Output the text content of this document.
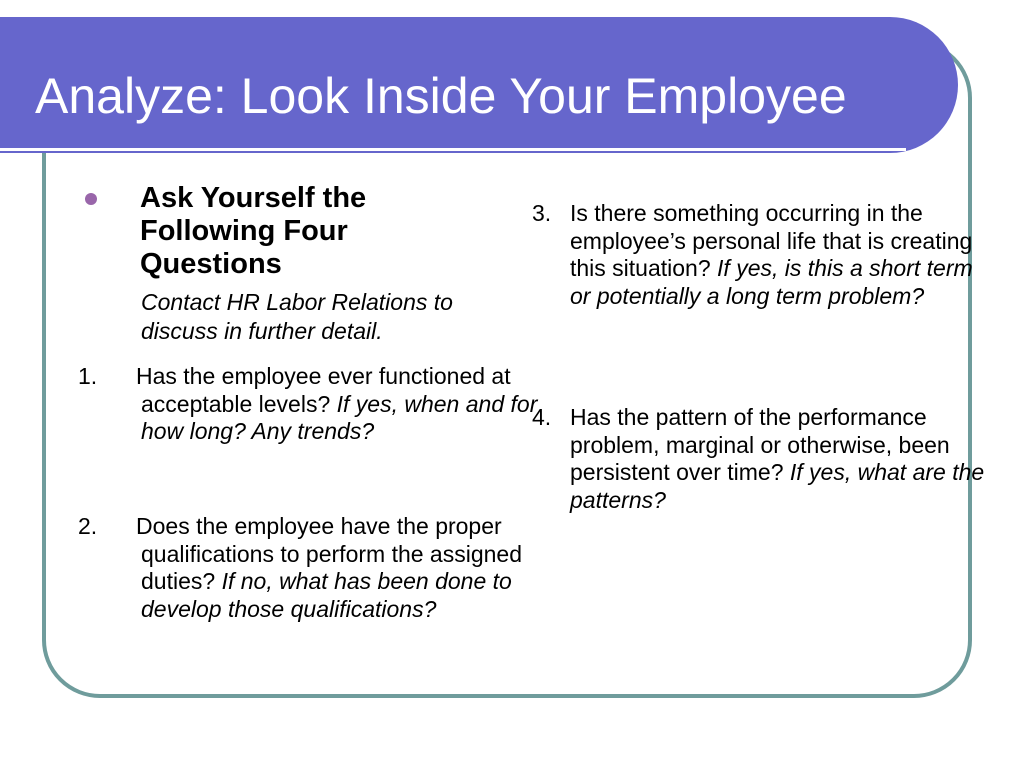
Analyze: Look Inside Your Employee

Ask Yourself the Following Four Questions

Contact HR Labor Relations to discuss in further detail.

1. Has the employee ever functioned at acceptable levels? If yes, when and for how long? Any trends?

2. Does the employee have the proper qualifications to perform the assigned duties? If no, what has been done to develop those qualifications?

3. Is there something occurring in the employee’s personal life that is creating this situation? If yes, is this a short term or potentially a long term problem?

4. Has the pattern of the performance problem, marginal or otherwise, been persistent over time? If yes, what are the patterns?
